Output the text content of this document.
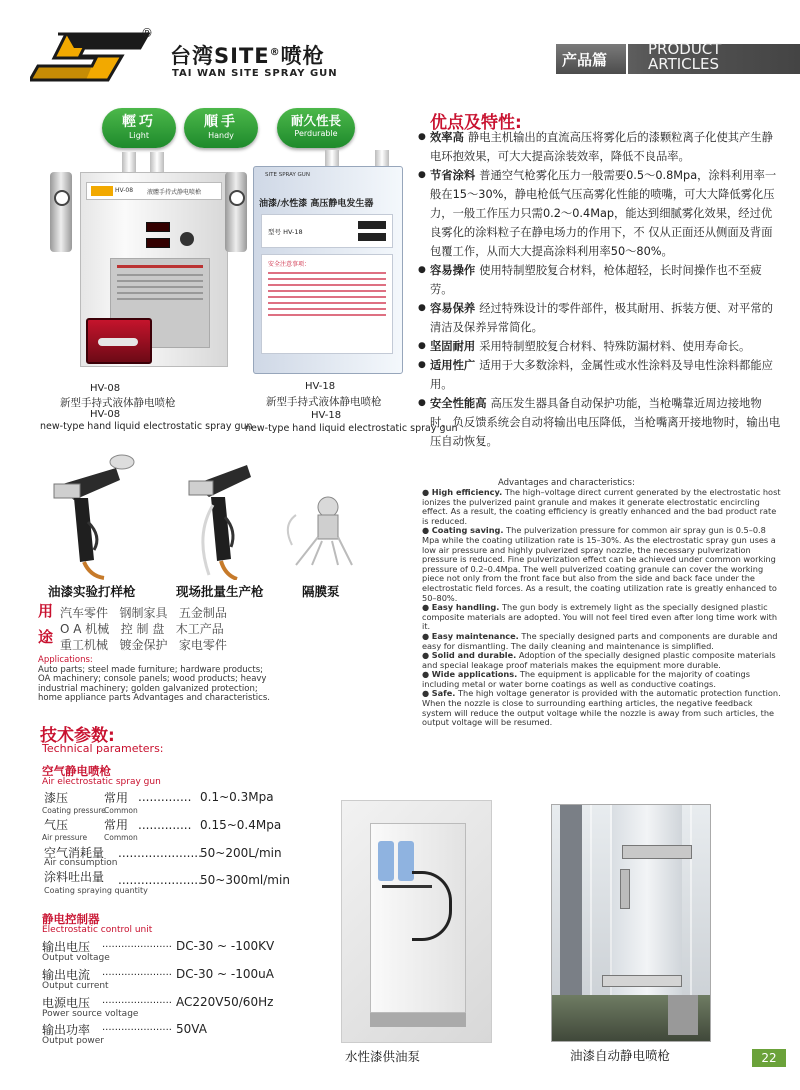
®
台湾SITE®喷枪
TAI WAN SITE SPRAY GUN
产品篇
PRODUCT
ARTICLES
輕巧
Light
順手
Handy
耐久性長
Perdurable
HV-08 液體手持式静电喷槍
HV-08
新型手持式液体静电喷枪
HV-08
new-type hand liquid electrostatic spray gun
SITE SPRAY GUN
油漆/水性漆 高压静电发生器
型号 HV-18
安全注意事项：
HV-18
新型手持式液体静电喷枪
HV-18
new-type hand liquid electrostatic spray gun
油漆实验打样枪	现场批量生产枪	隔膜泵
用
途
汽车零件   钢制家具   五金制品
O A 机械   控 制 盘   木工产品
重工机械   镀金保护   家电零件
Applications:
Auto parts; steel made furniture; hardware products; OA machinery; console panels; wood products; heavy industrial machinery; golden galvanized protection; home appliance parts Advantages and characteristics.
技术参数:
Technical parameters:
空气静电喷枪
Air electrostatic spray gun
漆压	常用
Coating pressure
Common
.............. 0.1~0.3Mpa
气压	常用
Air pressure Common
.............. 0.15~0.4Mpa
空气消耗量
Air consumption
......................
50~200L/min
涂料吐出量
Coating spraying quantity
......................
50~300ml/min
静电控制器
Electrostatic control unit
输出电压
Output voltage
...................... DC-30 ~ -100KV
输出电流
Output current
...................... DC-30 ~ -100uA
电源电压
Power source voltage
...................... AC220V50/60Hz
输出功率
Output power
...................... 50VA
优点及特性:
● 效率高 静电主机输出的直流高压将雾化后的漆颗粒离子化使其产生静电环抱效果，可大大提高涂装效率，降低不良品率。
● 节省涂料 普通空气枪雾化压力一般需要0.5～0.8Mpa，涂料利用率一般在15～30%，静电枪低气压高雾化性能的喷嘴，可大大降低雾化压力，一般工作压力只需0.2～0.4Map，能达到细腻雾化效果，经过优良雾化的涂料粒子在静电场力的作用下，不 仅从正面还从侧面及背面包覆工作，从而大大提高涂料利用率50～80%。
● 容易操作 使用特制塑胶复合材料，枪体超轻，长时间操作也不至疲劳。
● 容易保养 经过特殊设计的零件部件，极其耐用、拆装方便、对平常的清洁及保养异常简化。
● 坚固耐用 采用特制塑胶复合材料、特殊防漏材料、使用寿命长。
● 适用性广 适用于大多数涂料，金属性或水性涂料及导电性涂料都能应用。
● 安全性能高 高压发生器具备自动保护功能，当枪嘴靠近周边接地物时，负反馈系统会自动将输出电压降低，当枪嘴离开接地物时，输出电压自动恢复。
Advantages and characteristics:
● High efficiency. The high–voltage direct current generated by the electrostatic host ionizes the pulverized paint granule and makes it generate electrostatic encircling effect. As a result, the coating efficiency is greatly enhanced and the bad product rate is reduced.
● Coating saving. The pulverization pressure for common air spray gun is 0.5–0.8 Mpa while the coating utilization rate is 15–30%. As the electrostatic spray gun uses a low air pressure and highly pulverized spray nozzle, the necessary pulverization pressure is reduced. Fine pulverization effect can be achieved under common working pressure of 0.2–0.4Mpa. The well pulverized coating granule can cover the working piece not only from the front face but also from the side and back face under the electrostatic field forces. As a result, the coating utilization rate is greatly enhanced to 50–80%.
● Easy handling. The gun body is extremely light as the specially designed plastic composite materials are adopted. You will not feel tired even after long time work with it.
● Easy maintenance. The specially designed parts and components are durable and easy for dismantling. The daily cleaning and maintenance is simplified.
● Solid and durable. Adoption of the specially designed plastic composite materials and special leakage proof materials makes the equipment more durable.
● Wide applications. The equipment is applicable for the majority of coatings including metal or water borne coatings as well as conductive coatings.
● Safe. The high voltage generator is provided with the automatic protection function. When the nozzle is close to surrounding earthing articles, the negative feedback system will reduce the output voltage while the nozzle is away from such articles, the output voltage will be resumed.
水性漆供油泵	油漆自动静电喷枪	22
